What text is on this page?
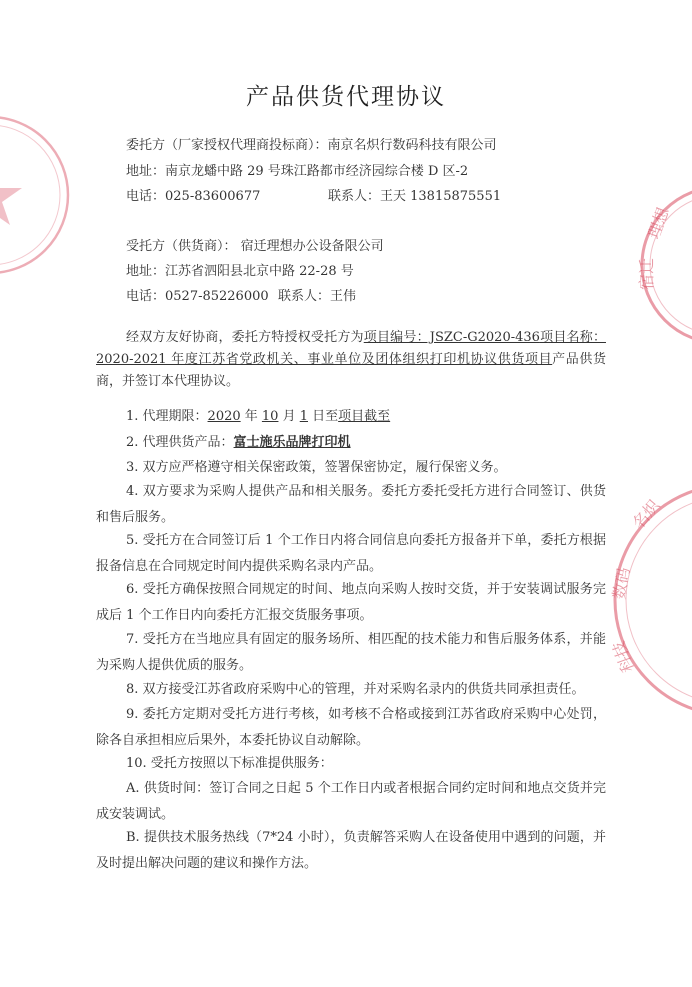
理想
宿迁
名炽
数码
科技
产品供货代理协议
委托方（厂家授权代理商投标商）：南京名炽行数码科技有限公司
地址：南京龙蟠中路 29 号珠江路都市经济园综合楼 D 区-2
电话：025-83600677	联系人：王天 13815875551
受托方（供货商）： 宿迁理想办公设备限公司
地址：江苏省泗阳县北京中路 22-28 号
电话：0527-85226000 联系人：王伟
经双方友好协商，委托方特授权受托方为项目编号：JSZC-G2020-436项目名称：2020-2021 年度江苏省党政机关、事业单位及团体组织打印机协议供货项目产品供货商，并签订本代理协议。
1. 代理期限：2020 年 10 月 1 日至项目截至
2. 代理供货产品：富士施乐品牌打印机
3. 双方应严格遵守相关保密政策，签署保密协定，履行保密义务。
4. 双方要求为采购人提供产品和相关服务。委托方委托受托方进行合同签订、供货和售后服务。
5. 受托方在合同签订后 1 个工作日内将合同信息向委托方报备并下单，委托方根据报备信息在合同规定时间内提供采购名录内产品。
6. 受托方确保按照合同规定的时间、地点向采购人按时交货，并于安装调试服务完成后 1 个工作日内向委托方汇报交货服务事项。
7. 受托方在当地应具有固定的服务场所、相匹配的技术能力和售后服务体系，并能为采购人提供优质的服务。
8. 双方接受江苏省政府采购中心的管理，并对采购名录内的供货共同承担责任。
9. 委托方定期对受托方进行考核，如考核不合格或接到江苏省政府采购中心处罚，除各自承担相应后果外，本委托协议自动解除。
10. 受托方按照以下标准提供服务：
A. 供货时间：签订合同之日起 5 个工作日内或者根据合同约定时间和地点交货并完成安装调试。
B. 提供技术服务热线（7*24 小时），负责解答采购人在设备使用中遇到的问题，并及时提出解决问题的建议和操作方法。
